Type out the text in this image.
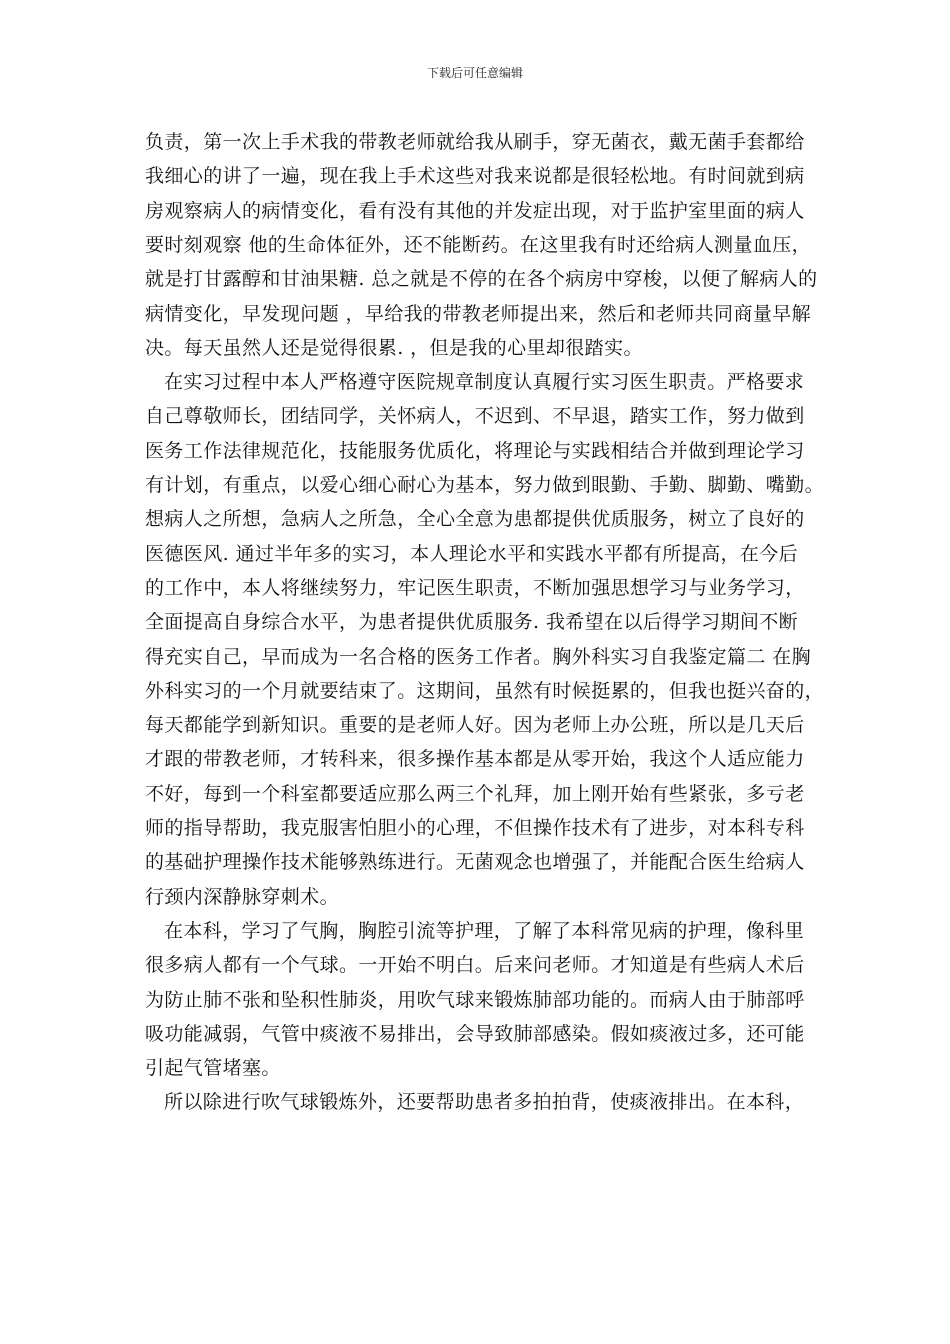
下载后可任意编辑
负责，第一次上手术我的带教老师就给我从刷手，穿无菌衣，戴无菌手套都给
我细心的讲了一遍，现在我上手术这些对我来说都是很轻松地。有时间就到病
房观察病人的病情变化，看有没有其他的并发症出现，对于监护室里面的病人
要时刻观察 他的生命体征外，还不能断药。在这里我有时还给病人测量血压，
就是打甘露醇和甘油果糖. 总之就是不停的在各个病房中穿梭，以便了解病人的
病情变化，早发现问题 ，早给我的带教老师提出来，然后和老师共同商量早解
决。每天虽然人还是觉得很累. ，但是我的心里却很踏实。
在实习过程中本人严格遵守医院规章制度认真履行实习医生职责。严格要求
自己尊敬师长，团结同学，关怀病人，不迟到、不早退，踏实工作，努力做到
医务工作法律规范化，技能服务优质化，将理论与实践相结合并做到理论学习
有计划，有重点，以爱心细心耐心为基本，努力做到眼勤、手勤、脚勤、嘴勤。
想病人之所想，急病人之所急，全心全意为患都提供优质服务，树立了良好的
医德医风. 通过半年多的实习，本人理论水平和实践水平都有所提高，在今后
的工作中，本人将继续努力，牢记医生职责，不断加强思想学习与业务学习，
全面提高自身综合水平，为患者提供优质服务. 我希望在以后得学习期间不断
得充实自己，早而成为一名合格的医务工作者。胸外科实习自我鉴定篇二 在胸
外科实习的一个月就要结束了。这期间，虽然有时候挺累的，但我也挺兴奋的，
每天都能学到新知识。重要的是老师人好。因为老师上办公班，所以是几天后
才跟的带教老师，才转科来，很多操作基本都是从零开始，我这个人适应能力
不好，每到一个科室都要适应那么两三个礼拜，加上刚开始有些紧张，多亏老
师的指导帮助，我克服害怕胆小的心理，不但操作技术有了进步，对本科专科
的基础护理操作技术能够熟练进行。无菌观念也增强了，并能配合医生给病人
行颈内深静脉穿刺术。
在本科，学习了气胸，胸腔引流等护理，了解了本科常见病的护理，像科里
很多病人都有一个气球。一开始不明白。后来问老师。才知道是有些病人术后
为防止肺不张和坠积性肺炎，用吹气球来锻炼肺部功能的。而病人由于肺部呼
吸功能减弱，气管中痰液不易排出，会导致肺部感染。假如痰液过多，还可能
引起气管堵塞。
所以除进行吹气球锻炼外，还要帮助患者多拍拍背，使痰液排出。在本科，
